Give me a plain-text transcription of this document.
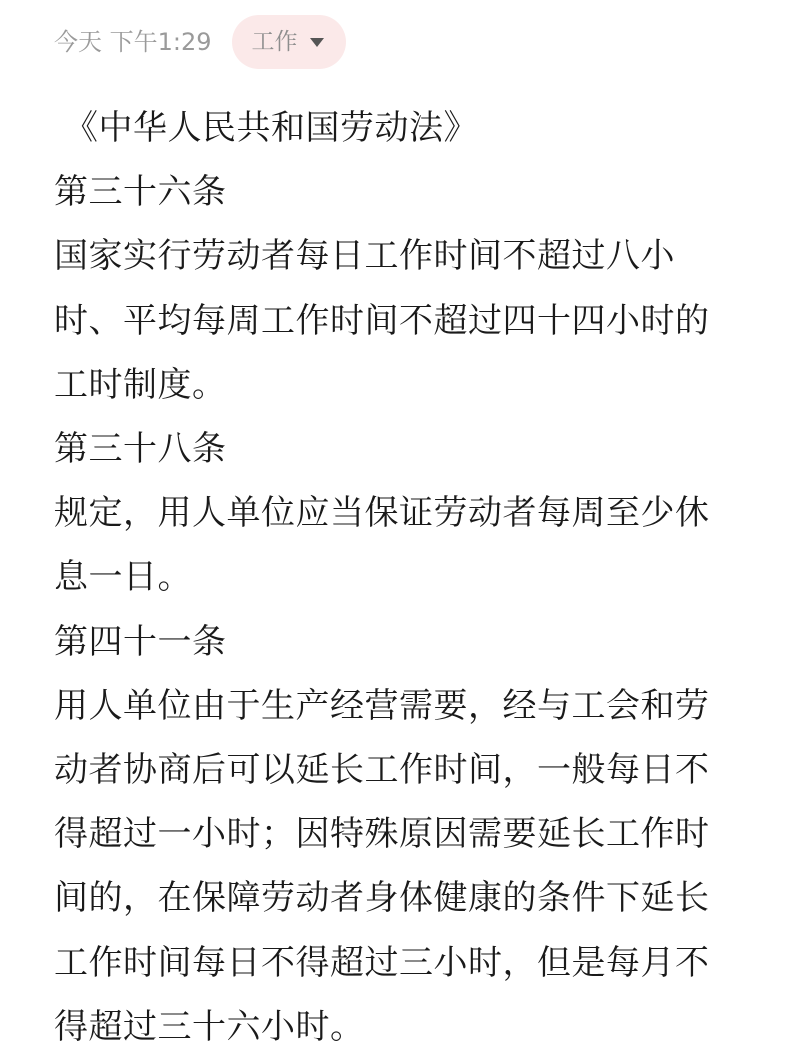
今天 下午1:29 工作
《中华人民共和国劳动法》
第三十六条
国家实行劳动者每日工作时间不超过八小
时、平均每周工作时间不超过四十四小时的
工时制度。
第三十八条
规定，用人单位应当保证劳动者每周至少休
息一日。
第四十一条
用人单位由于生产经营需要，经与工会和劳
动者协商后可以延长工作时间，一般每日不
得超过一小时；因特殊原因需要延长工作时
间的，在保障劳动者身体健康的条件下延长
工作时间每日不得超过三小时，但是每月不
得超过三十六小时。
